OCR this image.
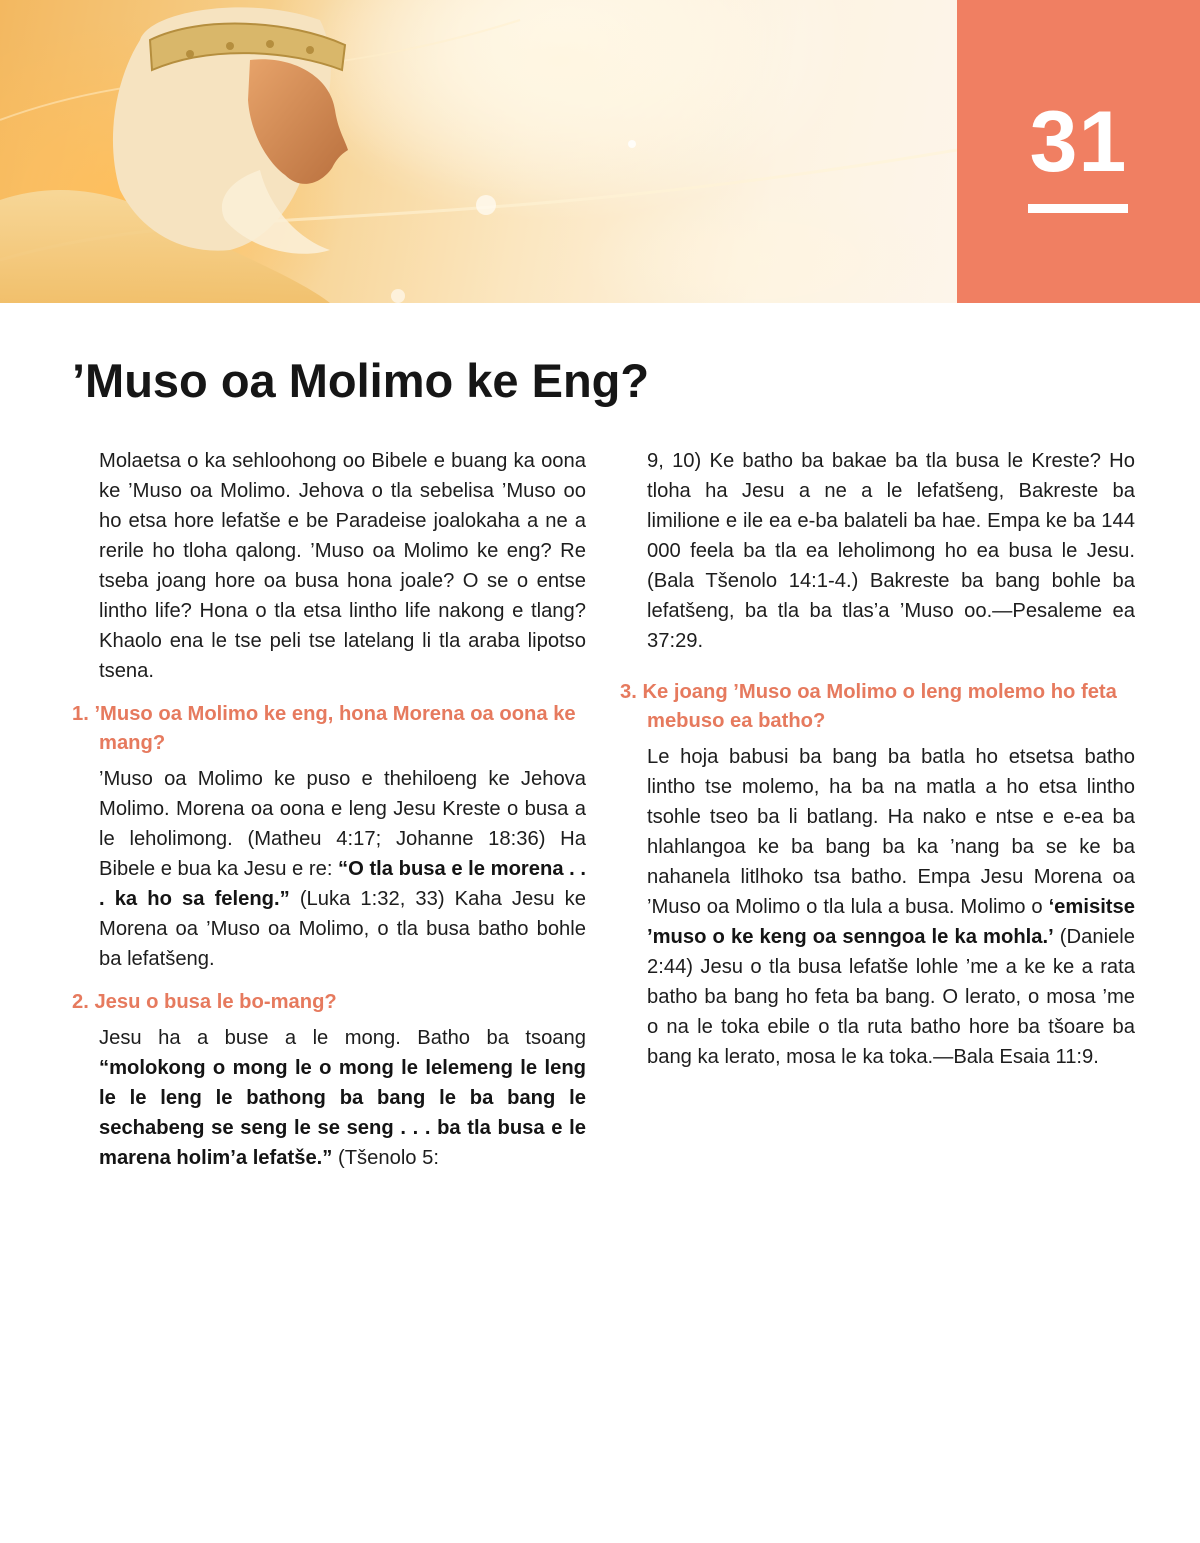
31
’Muso oa Molimo ke Eng?

Molaetsa o ka sehloohong oo Bibele e buang ka oona ke ’Muso oa Molimo. Jehova o tla sebelisa ’Muso oo ho etsa hore lefatše e be Paradeise joalokaha a ne a rerile ho tloha qalong. ’Muso oa Molimo ke eng? Re tseba joang hore oa busa hona joale? O se o entse lintho life? Hona o tla etsa lintho life nakong e tlang? Khaolo ena le tse peli tse latelang li tla araba lipotso tsena.

1. ’Muso oa Molimo ke eng, hona Morena oa oona ke mang?

’Muso oa Molimo ke puso e thehiloeng ke Jehova Molimo. Morena oa oona e leng Jesu Kreste o busa a le leholimong. (Matheu 4:17; Johanne 18:36) Ha Bibele e bua ka Jesu e re: “O tla busa e le morena . . . ka ho sa feleng.” (Luka 1:32, 33) Kaha Jesu ke Morena oa ’Muso oa Molimo, o tla busa batho bohle ba lefatšeng.

2. Jesu o busa le bo-mang?

Jesu ha a buse a le mong. Batho ba tsoang “molokong o mong le o mong le lelemeng le leng le le leng le bathong ba bang le ba bang le sechabeng se seng le se seng . . . ba tla busa e le marena holim’a lefatše.” (Tšenolo 5:

9, 10) Ke batho ba bakae ba tla busa le Kreste? Ho tloha ha Jesu a ne a le lefatšeng, Bakreste ba limilione e ile ea e-ba balateli ba hae. Empa ke ba 144 000 feela ba tla ea leholimong ho ea busa le Jesu. (Bala Tšenolo 14:1-4.) Bakreste ba bang bohle ba lefatšeng, ba tla ba tlas’a ’Muso oo.—Pesaleme ea 37:29.

3. Ke joang ’Muso oa Molimo o leng molemo ho feta mebuso ea batho?

Le hoja babusi ba bang ba batla ho etsetsa batho lintho tse molemo, ha ba na matla a ho etsa lintho tsohle tseo ba li batlang. Ha nako e ntse e e-ea ba hlahlangoa ke ba bang ba ka ’nang ba se ke ba nahanela litlhoko tsa batho. Empa Jesu Morena oa ’Muso oa Molimo o tla lula a busa. Molimo o ‘emisitse ’muso o ke keng oa senngoa le ka mohla.’ (Daniele 2:44) Jesu o tla busa lefatše lohle ’me a ke ke a rata batho ba bang ho feta ba bang. O lerato, o mosa ’me o na le toka ebile o tla ruta batho hore ba tšoare ba bang ka lerato, mosa le ka toka.—Bala Esaia 11:9.
